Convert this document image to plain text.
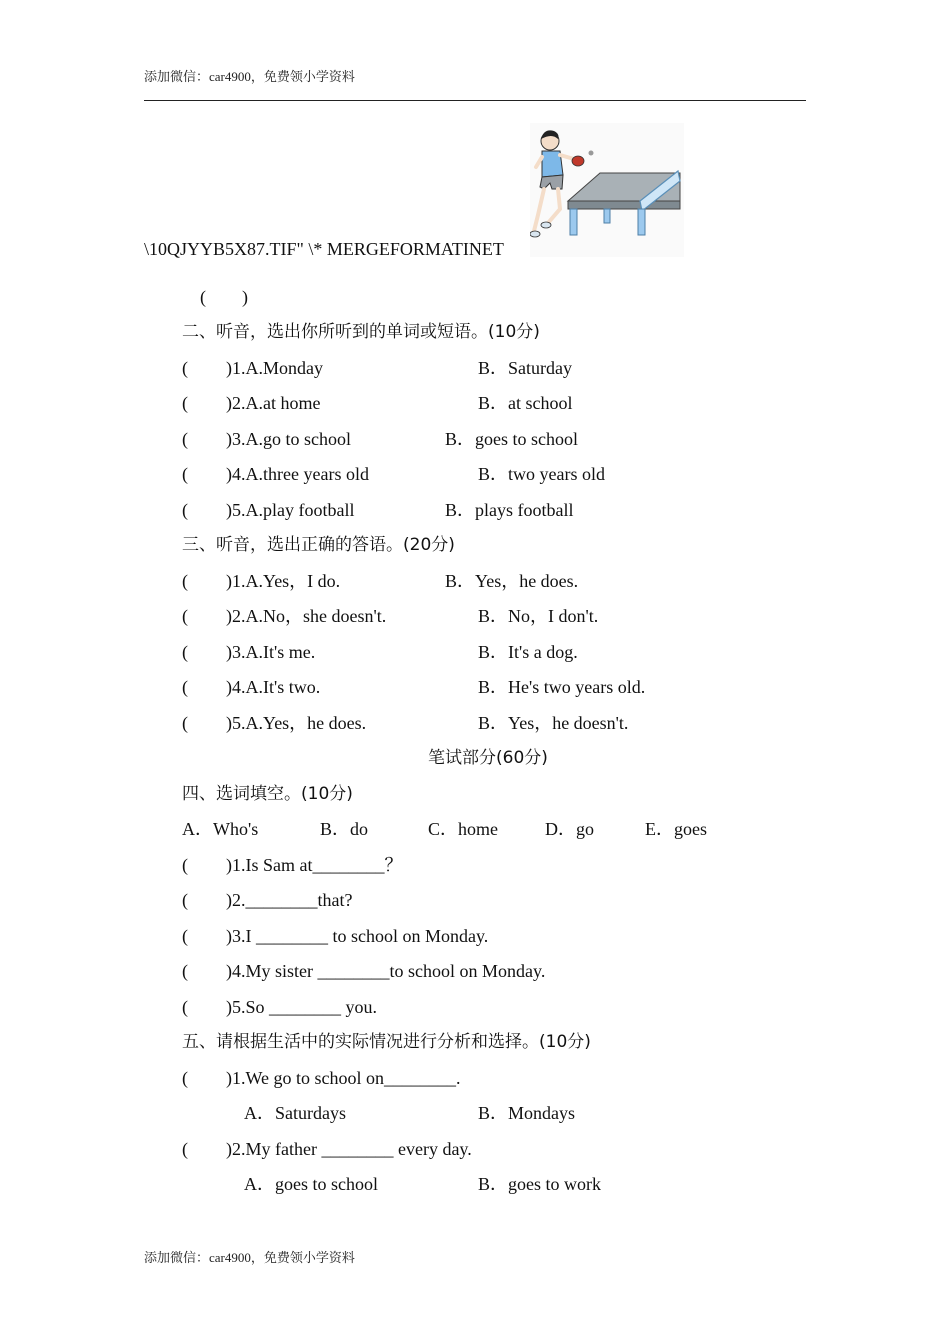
添加微信：car4900，免费领小学资料
\10QJYYB5X87.TIF" \* MERGEFORMATINET
(　　)
二、听音，选出你所听到的单词或短语。(10分)
( )1.A.Monday	B．Saturday
( )2.A.at home	B．at school
( )3.A.go to school	B．goes to school
( )4.A.three years old	B．two years old
( )5.A.play football	B．plays football
三、听音，选出正确的答语。(20分)
( )1.A.Yes，I do.	B．Yes，he does.
( )2.A.No，she doesn't.	B．No，I don't.
( )3.A.It's me.	B．It's a dog.
( )4.A.It's two.	B．He's two years old.
( )5.A.Yes，he does.	B．Yes，he doesn't.
笔试部分(60分)
四、选词填空。(10分)
A．Who's	B．do	C．home	D．go	E．goes
( )1.Is Sam at________？
( )2.________that?
( )3.I ________ to school on Monday.
( )4.My sister ________to school on Monday.
( )5.So ________ you.
五、请根据生活中的实际情况进行分析和选择。(10分)
( )1.We go to school on________.
A．Saturdays	B．Mondays
( )2.My father ________ every day.
A．goes to school	B．goes to work
添加微信：car4900，免费领小学资料
